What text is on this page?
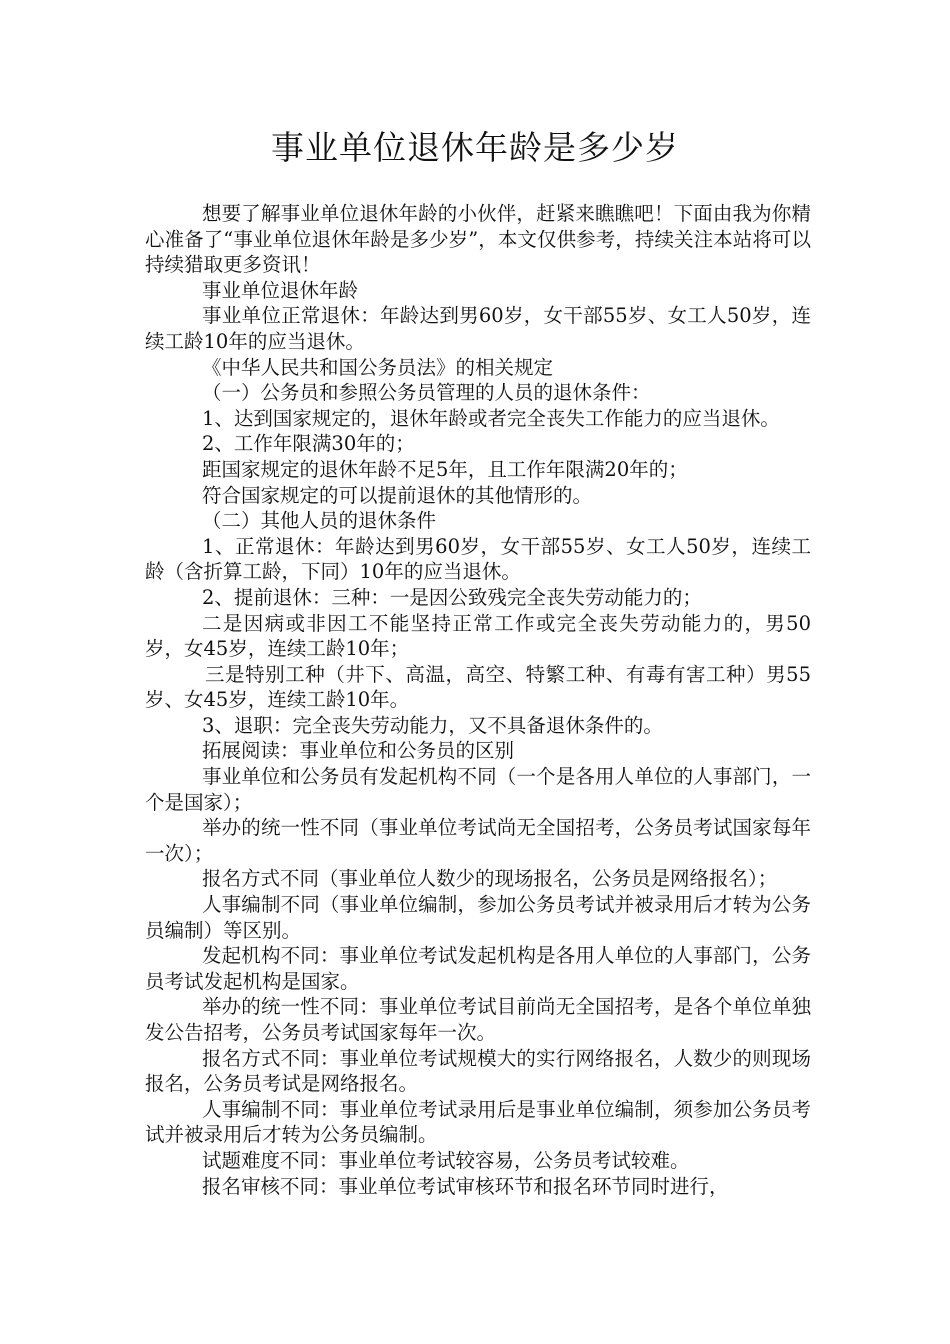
事业单位退休年龄是多少岁

想要了解事业单位退休年龄的小伙伴，赶紧来瞧瞧吧！下面由我为你精心准备了“事业单位退休年龄是多少岁”，本文仅供参考，持续关注本站将可以持续猎取更多资讯！

事业单位退休年龄

事业单位正常退休：年龄达到男60岁，女干部55岁、女工人50岁，连续工龄10年的应当退休。

《中华人民共和国公务员法》的相关规定

（一）公务员和参照公务员管理的人员的退休条件：

1、达到国家规定的，退休年龄或者完全丧失工作能力的应当退休。

2、工作年限满30年的；

距国家规定的退休年龄不足5年，且工作年限满20年的；

符合国家规定的可以提前退休的其他情形的。

（二）其他人员的退休条件

1、正常退休：年龄达到男60岁，女干部55岁、女工人50岁，连续工龄（含折算工龄，下同）10年的应当退休。

2、提前退休：三种：一是因公致残完全丧失劳动能力的；

二是因病或非因工不能坚持正常工作或完全丧失劳动能力的，男50岁，女45岁，连续工龄10年；

三是特别工种（井下、高温，高空、特繁工种、有毒有害工种）男55岁、女45岁，连续工龄10年。

3、退职：完全丧失劳动能力，又不具备退休条件的。

拓展阅读：事业单位和公务员的区别

事业单位和公务员有发起机构不同（一个是各用人单位的人事部门，一个是国家）；

举办的统一性不同（事业单位考试尚无全国招考，公务员考试国家每年一次）；

报名方式不同（事业单位人数少的现场报名，公务员是网络报名）；

人事编制不同（事业单位编制，参加公务员考试并被录用后才转为公务员编制）等区别。

发起机构不同：事业单位考试发起机构是各用人单位的人事部门，公务员考试发起机构是国家。

举办的统一性不同：事业单位考试目前尚无全国招考，是各个单位单独发公告招考，公务员考试国家每年一次。

报名方式不同：事业单位考试规模大的实行网络报名，人数少的则现场报名，公务员考试是网络报名。

人事编制不同：事业单位考试录用后是事业单位编制，须参加公务员考试并被录用后才转为公务员编制。

试题难度不同：事业单位考试较容易，公务员考试较难。

报名审核不同：事业单位考试审核环节和报名环节同时进行，
